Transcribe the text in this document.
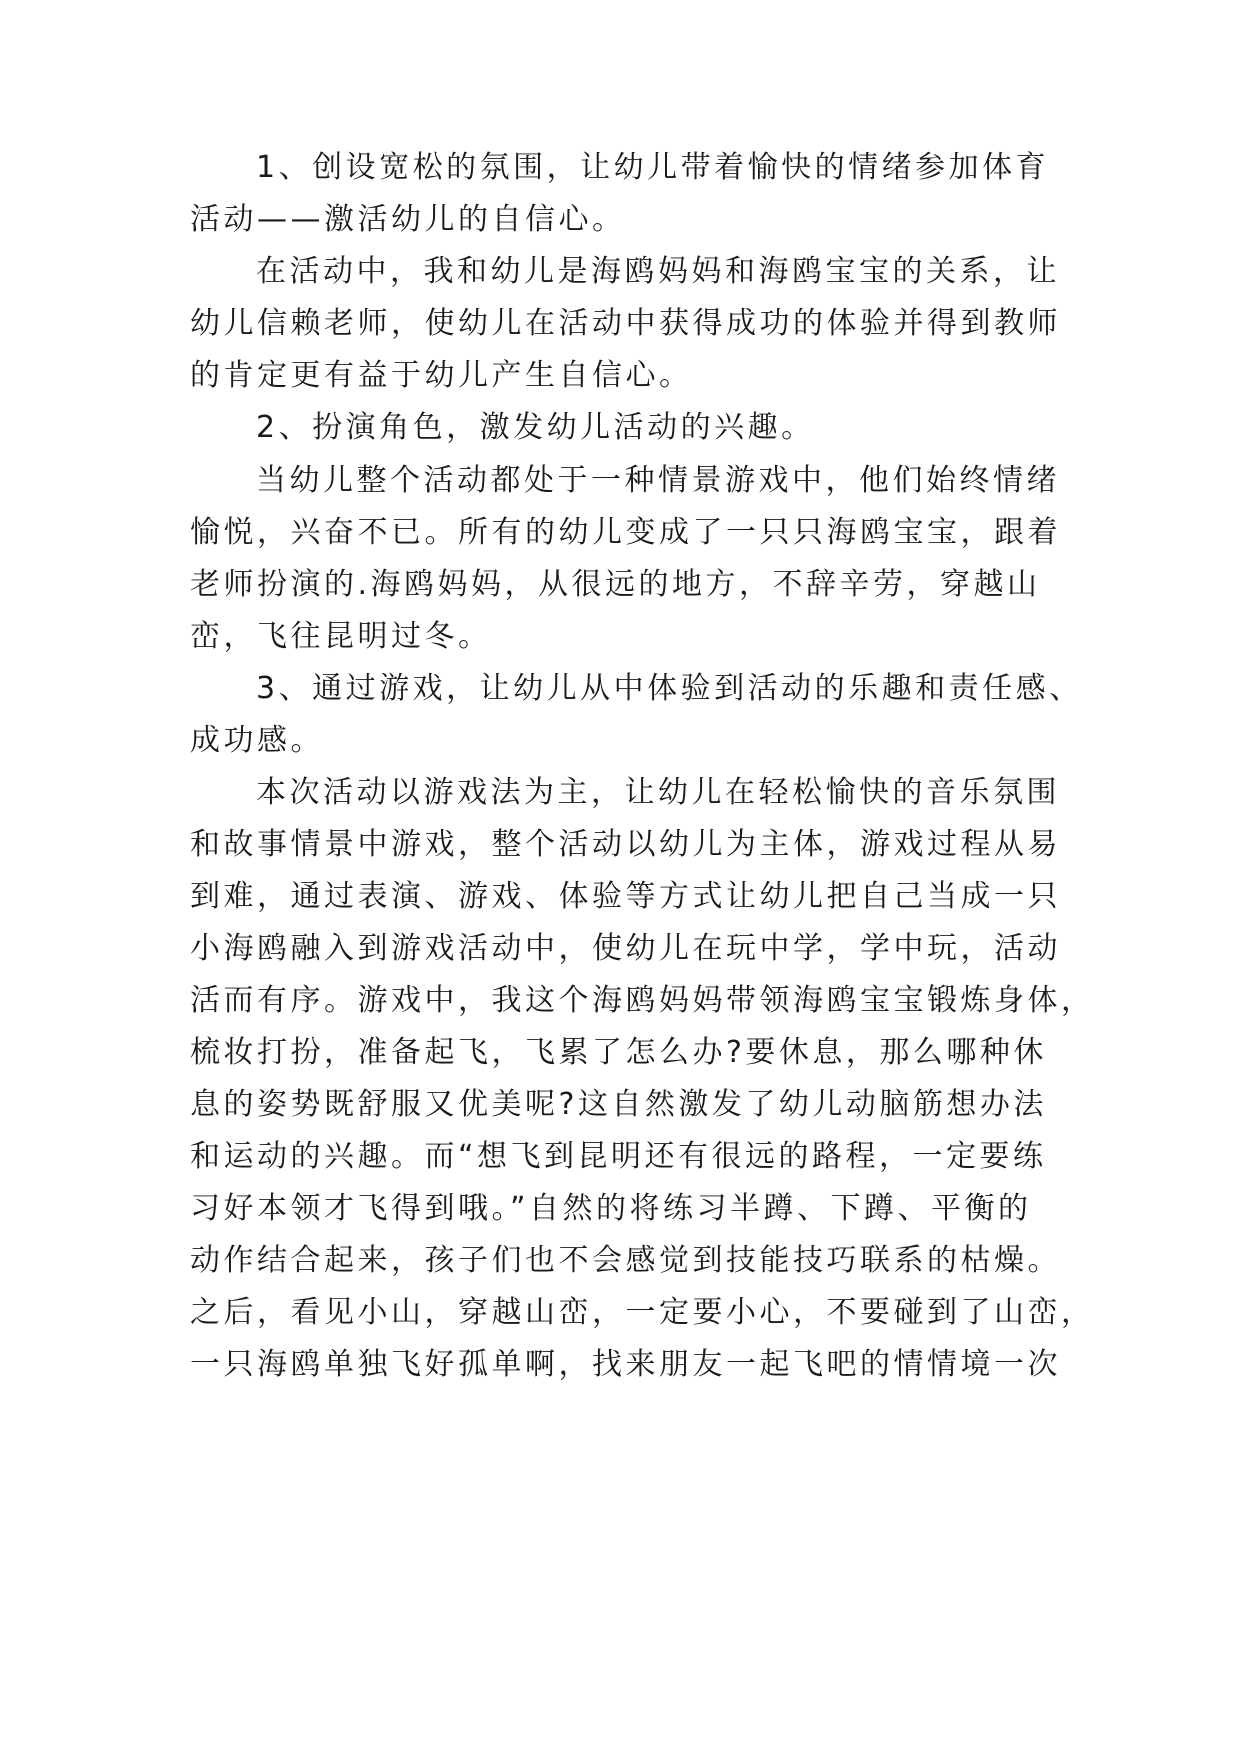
1、创设宽松的氛围，让幼儿带着愉快的情绪参加体育
活动——激活幼儿的自信心。
在活动中，我和幼儿是海鸥妈妈和海鸥宝宝的关系，让
幼儿信赖老师，使幼儿在活动中获得成功的体验并得到教师
的肯定更有益于幼儿产生自信心。
2、扮演角色，激发幼儿活动的兴趣。
当幼儿整个活动都处于一种情景游戏中，他们始终情绪
愉悦，兴奋不已。所有的幼儿变成了一只只海鸥宝宝，跟着
老师扮演的.海鸥妈妈，从很远的地方，不辞辛劳，穿越山
峦，飞往昆明过冬。
3、通过游戏，让幼儿从中体验到活动的乐趣和责任感、
成功感。
本次活动以游戏法为主，让幼儿在轻松愉快的音乐氛围
和故事情景中游戏，整个活动以幼儿为主体，游戏过程从易
到难，通过表演、游戏、体验等方式让幼儿把自己当成一只
小海鸥融入到游戏活动中，使幼儿在玩中学，学中玩，活动
活而有序。游戏中，我这个海鸥妈妈带领海鸥宝宝锻炼身体，
梳妆打扮，准备起飞，飞累了怎么办?要休息，那么哪种休
息的姿势既舒服又优美呢?这自然激发了幼儿动脑筋想办法
和运动的兴趣。而“想飞到昆明还有很远的路程，一定要练
习好本领才飞得到哦。”自然的将练习半蹲、下蹲、平衡的
动作结合起来，孩子们也不会感觉到技能技巧联系的枯燥。
之后，看见小山，穿越山峦，一定要小心，不要碰到了山峦，
一只海鸥单独飞好孤单啊，找来朋友一起飞吧的情情境一次
